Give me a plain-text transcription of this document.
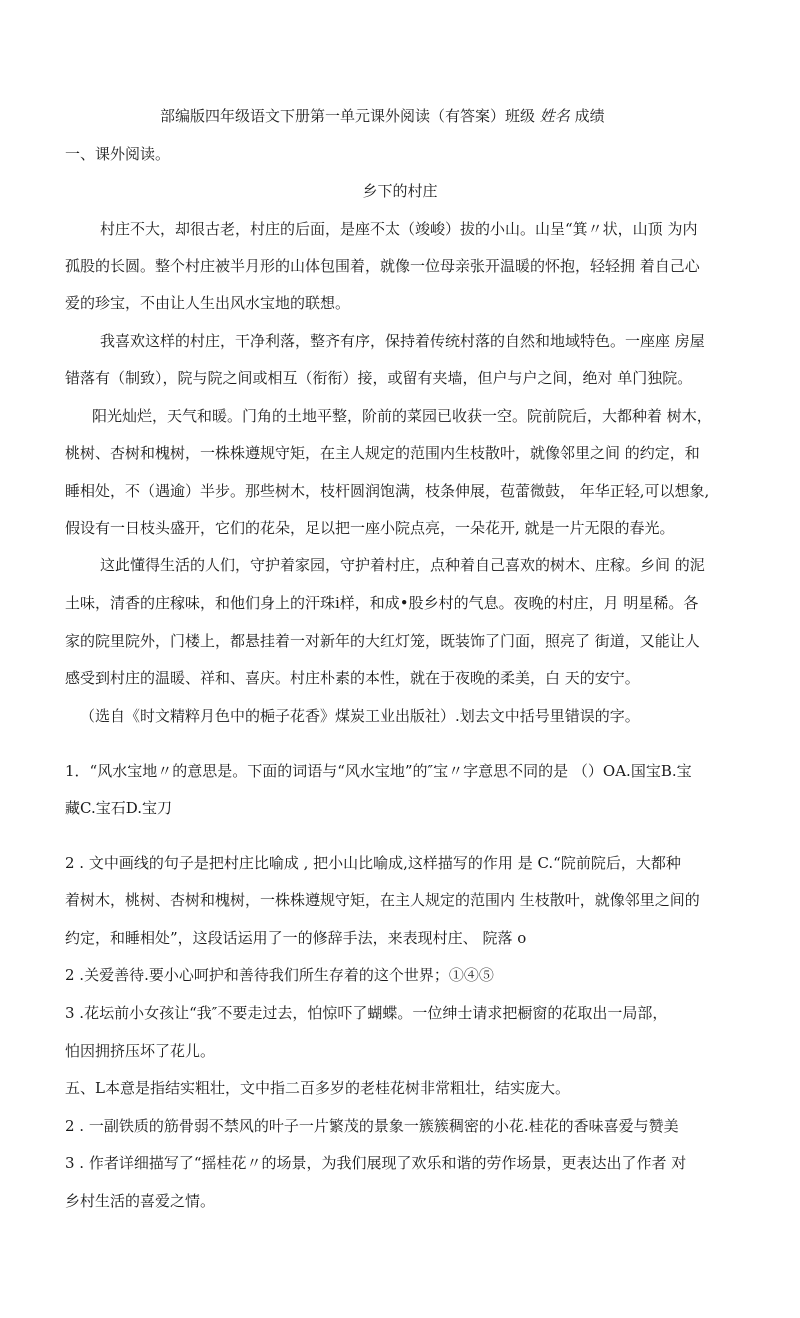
部编版四年级语文下册第一单元课外阅读（有答案）班级 姓名 成绩
一、课外阅读。
乡下的村庄
村庄不大，却很古老，村庄的后面，是座不太（竣峻）拔的小山。山呈“箕〃状，山顶 为内
孤股的长圆。整个村庄被半月形的山体包围着，就像一位母亲张开温暖的怀抱，轻轻拥 着自己心
爱的珍宝，不由让人生出风水宝地的联想。
我喜欢这样的村庄，干净利落，整齐有序，保持着传统村落的自然和地域特色。一座座 房屋
错落有（制致），院与院之间或相互（衔衔）接，或留有夹墙，但户与户之间，绝对 单门独院。
阳光灿烂，天气和暖。门角的土地平整，阶前的菜园已收获一空。院前院后，大都种着 树木，
桃树、杏树和槐树，一株株遵规守矩，在主人规定的范围内生枝散叶，就像邻里之间 的约定，和
睡相处，不（遇逾）半步。那些树木，枝杆圆润饱满，枝条伸展，苞蕾微鼓， 年华正轻,可以想象,
假设有一日枝头盛开，它们的花朵，足以把一座小院点亮，一朵花开, 就是一片无限的春光。
这此懂得生活的人们，守护着家园，守护着村庄，点种着自己喜欢的树木、庄稼。乡间 的泥
土味，清香的庄稼味，和他们身上的汗珠i样，和成•股乡村的气息。夜晚的村庄，月 明星稀。各
家的院里院外，门楼上，都悬挂着一对新年的大红灯笼，既装饰了门面，照亮了 街道，又能让人
感受到村庄的温暖、祥和、喜庆。村庄朴素的本性，就在于夜晚的柔美，白 天的安宁。
（选自《时文精粹月色中的梔子花香》煤炭工业出版社）.划去文中括号里错误的字。
1．“风水宝地〃的意思是。下面的词语与“风水宝地”的″宝〃字意思不同的是 （）OA.国宝B.宝
藏C.宝石D.宝刀
2 . 文中画线的句子是把村庄比喻成 , 把小山比喻成,这样描写的作用 是 C.“院前院后，大都种
着树木，桃树、杏树和槐树，一株株遵规守矩，在主人规定的范围内 生枝散叶，就像邻里之间的
约定，和睡相处”，这段话运用了一的修辞手法，来表现村庄、 院落 o
2 .关爱善待.要小心呵护和善待我们所生存着的这个世界；①④⑤
3 .花坛前小女孩让“我″不要走过去，怕惊吓了蝴蝶。一位绅士请求把橱窗的花取出一局部，
怕因拥挤压坏了花儿。
五、L本意是指结实粗壮，文中指二百多岁的老桂花树非常粗壮，结实庞大。
2 . 一副铁质的筋骨弱不禁风的叶子一片繁茂的景象一簇簇稠密的小花.桂花的香味喜爱与赞美
3 . 作者详细描写了“摇桂花〃的场景，为我们展现了欢乐和谐的劳作场景，更表达出了作者 对
乡村生活的喜爱之情。
